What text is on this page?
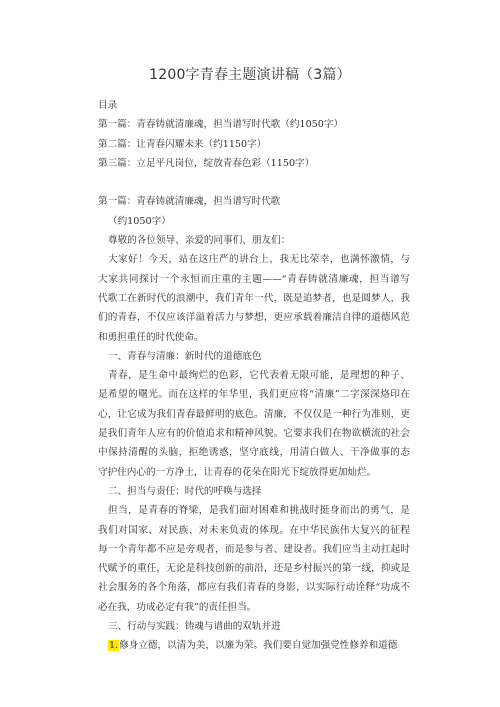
1200字青春主题演讲稿（3篇）
目录
第一篇：青春铸就清廉魂，担当谱写时代歌（约1050字）
第二篇：让青春闪耀未来（约1150字）
第三篇：立足平凡岗位，绽放青春色彩（1150字）
第一篇：青春铸就清廉魂，担当谱写时代歌
（约1050字）
尊敬的各位领导、亲爱的同事们、朋友们：
大家好！今天，站在这庄严的讲台上，我无比荣幸，也满怀激情，与
大家共同探讨一个永恒而庄重的主题——“青春铸就清廉魂，担当谱写
代歌工在新时代的浪潮中，我们青年一代，既是追梦者，也是圆梦人，我
们的青春，不仅应该洋溢着活力与梦想，更应承载着廉洁自律的道德风范
和勇担重任的时代使命。
一、青春与清廉：新时代的道德底色
青春，是生命中最绚烂的色彩，它代表着无限可能，是理想的种子、
是希望的曙光。而在这样的年华里，我们更应将“清廉”二字深深烙印在
心，让它成为我们青春最鲜明的底色。清廉，不仅仅是一种行为准则，更
是我们青年人应有的价值追求和精神风貌。它要求我们在物欲横流的社会
中保持清醒的头脑，拒绝诱惑，坚守底线，用清白做人、干净做事的态
守护住内心的一方净土，让青春的花朵在阳光下绽放得更加灿烂。
二、担当与责任：时代的呼唤与选择
担当，是青春的脊梁，是我们面对困难和挑战时挺身而出的勇气，是
我们对国家、对民族、对未来负责的体现。在中华民族伟大复兴的征程
每一个青年都不应是旁观者，而是参与者、建设者。我们应当主动扛起时
代赋予的重任，无论是科技创新的前沿，还是乡村振兴的第一线，抑或是
社会服务的各个角落，都应有我们青春的身影，以实际行动诠释“功成不
必在我，功成必定有我”的责任担当。
三、行动与实践：铸魂与谱曲的双轨并进
1.修身立德，以清为美，以廉为荣。我们要自觉加强党性修养和道德
